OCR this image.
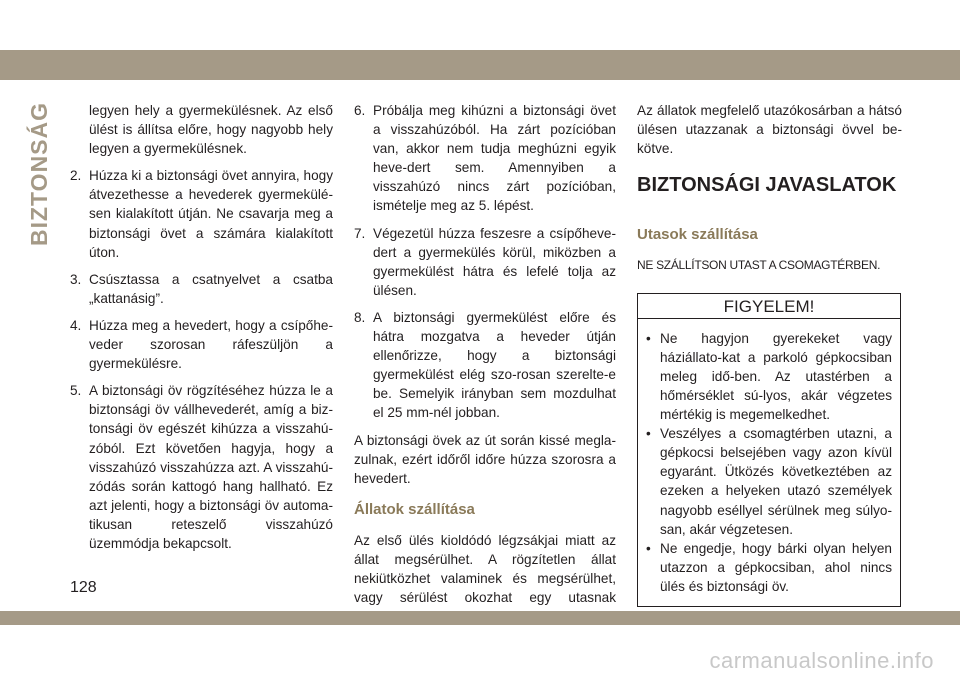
BIZTONSÁG	legyen hely a gyermekülésnek. Az első ülést is állítsa előre, hogy nagyobb hely legyen a gyermekülésnek.
2. Húzza ki a biztonsági övet annyira, hogy átvezethesse a hevederek gyermekülé-sen kialakított útján. Ne csavarja meg a biztonsági övet a számára kialakított úton.
3. Csúsztassa a csatnyelvet a csatba „kattanásig”.
4. Húzza meg a hevedert, hogy a csípőhe-veder szorosan ráfeszüljön a gyermekülésre.
5. A biztonsági öv rögzítéséhez húzza le a biztonsági öv vállhevederét, amíg a biz-tonsági öv egészét kihúzza a visszahú-zóból. Ezt követően hagyja, hogy a visszahúzó visszahúzza azt. A visszahú-zódás során kattogó hang hallható. Ez azt jelenti, hogy a biztonsági öv automa-tikusan reteszelő visszahúzó üzemmódja bekapcsolt.
6. Próbálja meg kihúzni a biztonsági övet a visszahúzóból. Ha zárt pozícióban van, akkor nem tudja meghúzni egyik heve-dert sem. Amennyiben a visszahúzó nincs zárt pozícióban, ismételje meg az 5. lépést.
7. Végezetül húzza feszesre a csípőheve-dert a gyermekülés körül, miközben a gyermekülést hátra és lefelé tolja az ülésen.
8. A biztonsági gyermekülést előre és hátra mozgatva a heveder útján ellenőrizze, hogy a biztonsági gyermekülést elég szo-rosan szerelte-e be. Semelyik irányban sem mozdulhat el 25 mm-nél jobban.
A biztonsági övek az út során kissé megla-zulnak, ezért időről időre húzza szorosra a hevedert.
Állatok szállítása
Az első ülés kioldódó légzsákjai miatt az állat megsérülhet. A rögzítetlen állat nekiütközhet valaminek és megsérülhet, vagy sérülést okozhat egy utasnak
Az állatok megfelelő utazókosárban a hátsó ülésen utazzanak a biztonsági övvel be-kötve.
BIZTONSÁGI JAVASLATOK
Utasok szállítása
NE SZÁLLÍTSON UTAST A CSOMAGTÉRBEN.
FIGYELEM!
• Ne hagyjon gyerekeket vagy háziállato-kat a parkoló gépkocsiban meleg idő-ben. Az utastérben a hőmérséklet sú-lyos, akár végzetes mértékig is megemelkedhet.
• Veszélyes a csomagtérben utazni, a gépkocsi belsejében vagy azon kívül egyaránt. Ütközés következtében az ezeken a helyeken utazó személyek nagyobb eséllyel sérülnek meg súlyo-san, akár végzetesen.
• Ne engedje, hogy bárki olyan helyen utazzon a gépkocsiban, ahol nincs ülés és biztonsági öv.
128
carmanualsonline.info
